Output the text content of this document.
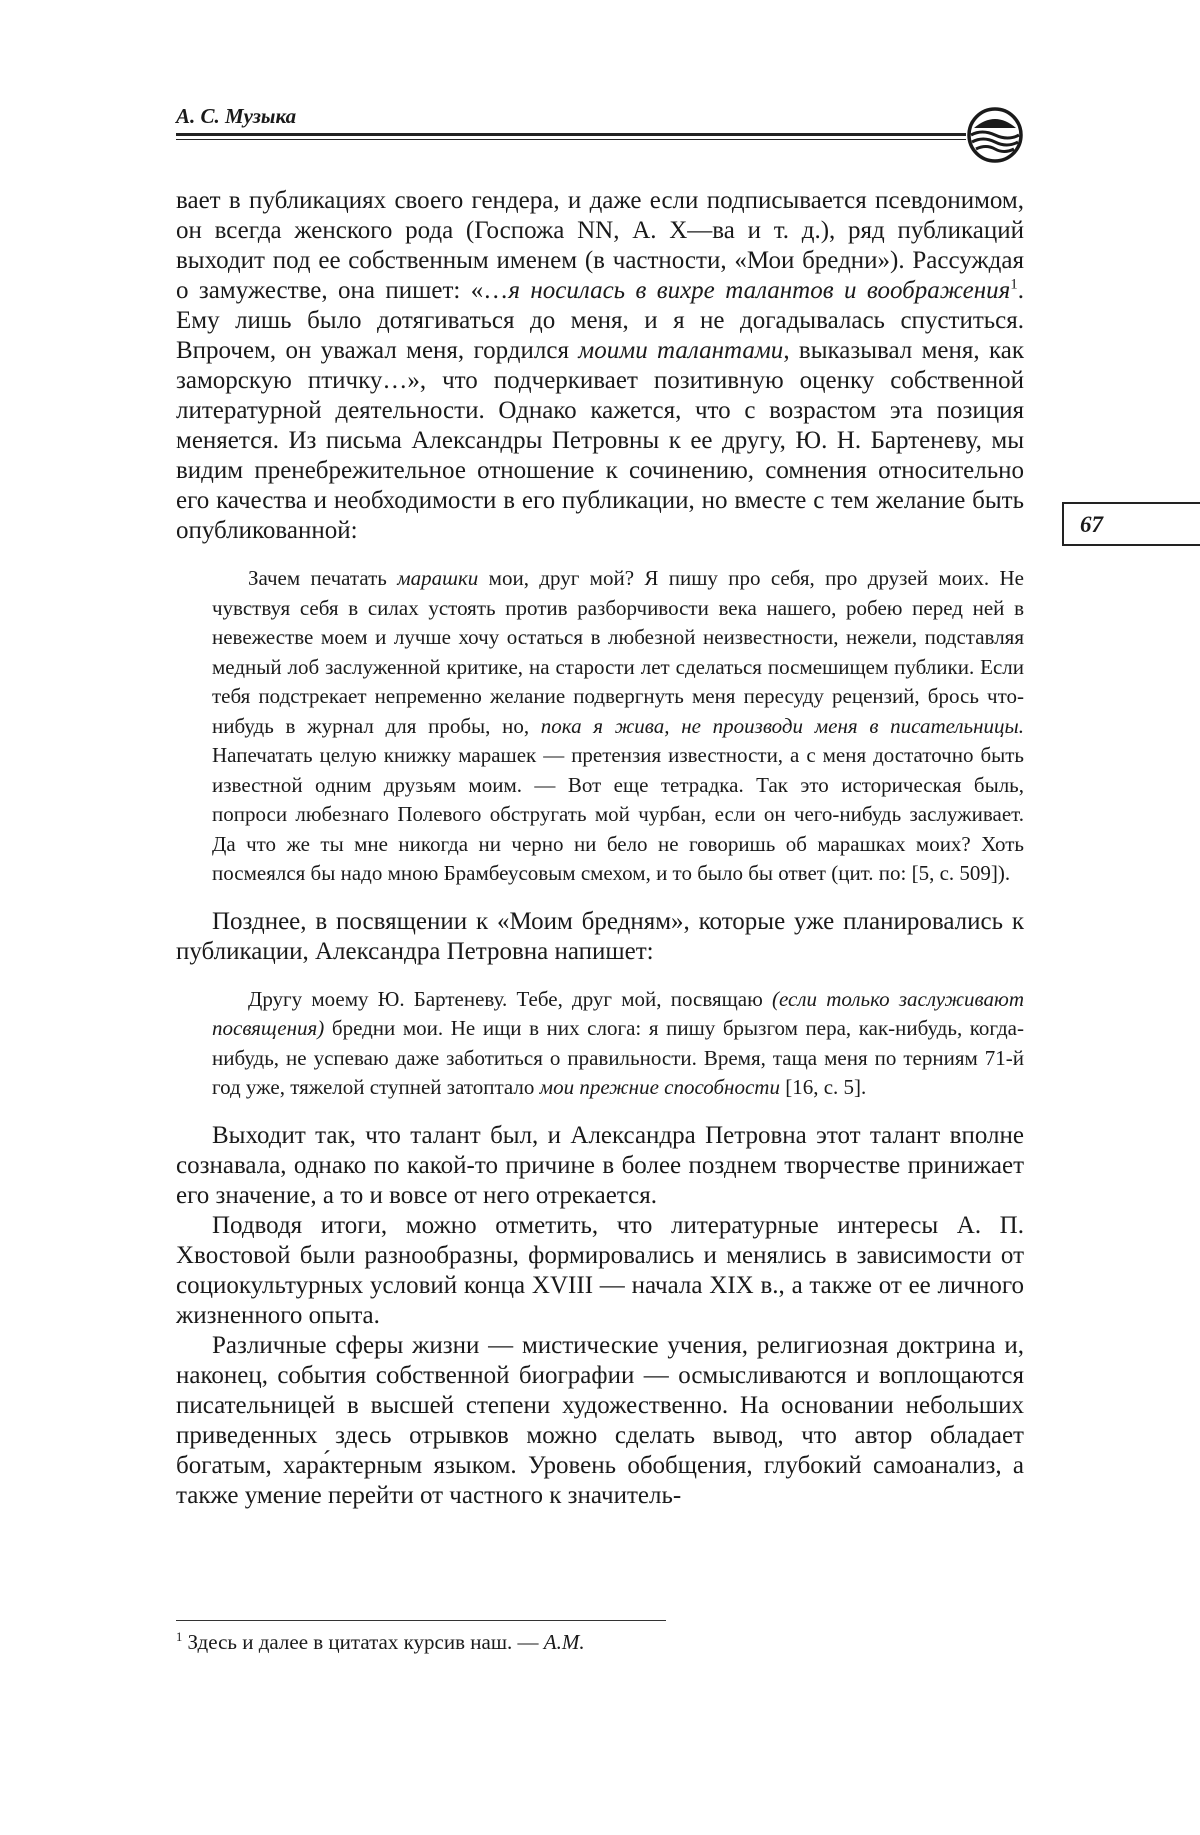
А. С. Музыка
67

вает в публикациях своего гендера, и даже если подписывается псевдонимом, он всегда женского рода (Госпожа NN, А. Х—ва и т. д.), ряд публикаций выходит под ее собственным именем (в частности, «Мои бредни»). Рассуждая о замужестве, она пишет: «…я носилась в вихре талантов и воображения$^1$. Ему лишь было дотягиваться до меня, и я не догадывалась спуститься. Впрочем, он уважал меня, гордился моими талантами, выказывал меня, как заморскую птичку…», что подчеркивает позитивную оценку собственной литературной деятельности. Однако кажется, что с возрастом эта позиция меняется. Из письма Александры Петровны к ее другу, Ю. Н. Бартеневу, мы видим пренебрежительное отношение к сочинению, сомнения относительно его качества и необходимости в его публикации, но вместе с тем желание быть опубликованной:

Зачем печатать марашки мои, друг мой? Я пишу про себя, про друзей моих. Не чувствуя себя в силах устоять против разборчивости века нашего, робею перед ней в невежестве моем и лучше хочу остаться в любезной неизвестности, нежели, подставляя медный лоб заслуженной критике, на старости лет сделаться посмешищем публики. Если тебя подстрекает непременно желание подвергнуть меня пересуду рецензий, брось что-нибудь в журнал для пробы, но, пока я жива, не производи меня в писательницы. Напечатать целую книжку марашек — претензия известности, а с меня достаточно быть известной одним друзьям моим. — Вот еще тетрадка. Так это историческая быль, попроси любезнаго Полевого обстругать мой чурбан, если он чего-нибудь заслуживает. Да что же ты мне никогда ни черно ни бело не говоришь об марашках моих? Хоть посмеялся бы надо мною Брамбеусовым смехом, и то было бы ответ (цит. по: [5, с. 509]).

Позднее, в посвящении к «Моим бредням», которые уже планировались к публикации, Александра Петровна напишет:

Другу моему Ю. Бартеневу. Тебе, друг мой, посвящаю (если только заслуживают посвящения) бредни мои. Не ищи в них слога: я пишу брызгом пера, как-нибудь, когда-нибудь, не успеваю даже заботиться о правильности. Время, таща меня по терниям 71-й год уже, тяжелой ступней затоптало мои прежние способности [16, с. 5].

Выходит так, что талант был, и Александра Петровна этот талант вполне сознавала, однако по какой-то причине в более позднем творчестве принижает его значение, а то и вовсе от него отрекается.

Подводя итоги, можно отметить, что литературные интересы А. П. Хвостовой были разнообразны, формировались и менялись в зависимости от социокультурных условий конца XVIII — начала XIX в., а также от ее личного жизненного опыта.

Различные сферы жизни — мистические учения, религиозная доктрина и, наконец, события собственной биографии — осмысливаются и воплощаются писательницей в высшей степени художественно. На основании небольших приведенных здесь отрывков можно сделать вывод, что автор обладает богатым, хара́ктерным языком. Уровень обобщения, глубокий самоанализ, а также умение перейти от частного к значитель-

$^1$ Здесь и далее в цитатах курсив наш. — А.М.
